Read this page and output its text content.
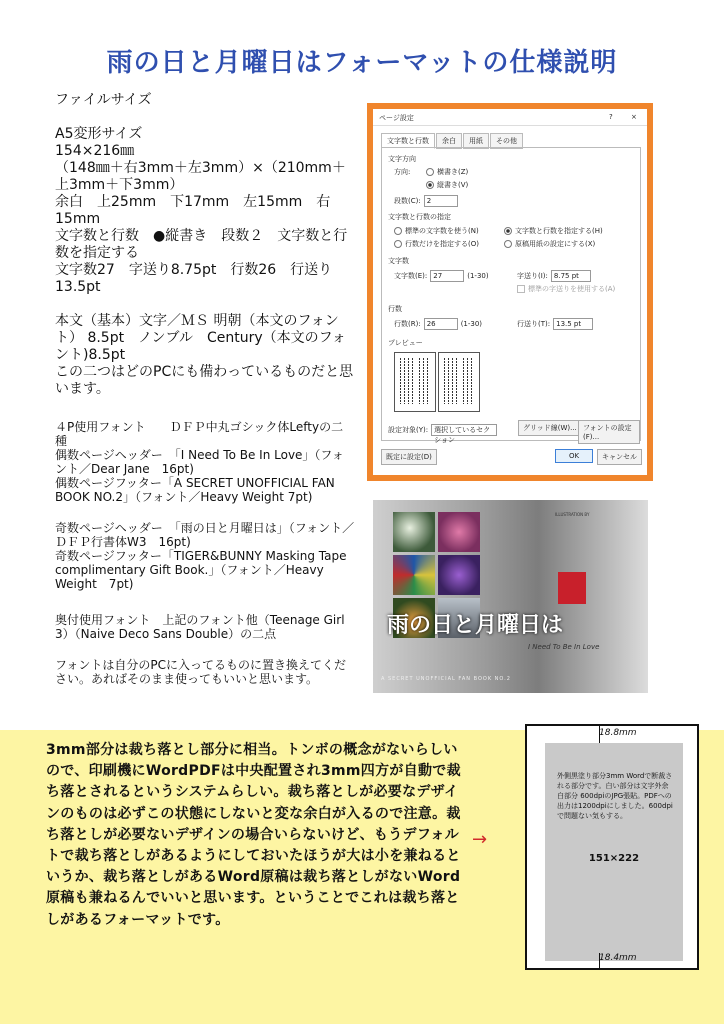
雨の日と月曜日はフォーマットの仕様説明

ファイルサイズ

A5変形サイズ

154×216㎜

（148㎜＋右3mm＋左3mm）×（210mm＋上3mm＋下3mm）

余白　上25mm　下17mm　左15mm　右15mm

文字数と行数　●縦書き　段数２　文字数と行数を指定する

文字数27　字送り8.75pt　行数26　行送り13.5pt

本文（基本）文字／ＭＳ 明朝（本文のフォント） 8.5pt　ノンブル　Century（本文のフォント)8.5pt

この二つはどのPCにも備わっているものだと思います。

４P使用フォント　　ＤＦＰ中丸ゴシック体Leftyの二種

偶数ページヘッダー　「I Need To Be In Love」（フォント／Dear Jane　16pt)

偶数ページフッター「A SECRET UNOFFICIAL FAN BOOK NO.2」（フォント／Heavy Weight 7pt)

奇数ページヘッダー　「雨の日と月曜日は」（フォント／ＤＦＰ行書体W3　16pt)

奇数ページフッター「TIGER&BUNNY Masking Tape complimentary Gift Book.」（フォント／Heavy Weight　7pt)

奥付使用フォント　上記のフォント他（Teenage Girl 3）（Naive Deco Sans Double）の二点

フォントは自分のPCに入ってるものに置き換えてください。あればそのまま使ってもいいと思います。

ページ設定	?	×
文字数と行数	余白	用紙	その他
文字方向
方向:	横書き(Z)
縦書き(V)
段数(C): 2
文字数と行数の指定
標準の文字数を使う(N)	文字数と行数を指定する(H)
行数だけを指定する(O)	原稿用紙の設定にする(X)
文字数
文字数(E): 27	(1-30)	字送り(I): 8.75 pt
標準の字送りを使用する(A)
行数
行数(R): 26	(1-30)	行送り(T): 13.5 pt
プレビュー
設定対象(Y): 選択しているセクション
グリッド線(W)... フォントの設定(F)...
既定に設定(D)	OK	キャンセル
ILLUSTRATION BY
雨の日と月曜日は
I Need To Be In Love
A SECRET UNOFFICIAL FAN BOOK NO.2
3mm部分は裁ち落とし部分に相当。トンボの概念がないらしいので、印刷機にWordPDFは中央配置され3mm四方が自動で裁ち落とされるというシステムらしい。裁ち落としが必要なデザインのものは必ずこの状態にしないと変な余白が入るので注意。裁ち落としが必要ないデザインの場合いらないけど、もうデフォルトで裁ち落としがあるようにしておいたほうが大は小を兼ねるというか、裁ち落としがあるWord原稿は裁ち落としがないWord原稿も兼ねるんでいいと思います。ということでこれは裁ち落としがあるフォーマットです。
→
18.8mm
18.4mm
外側黒塗り部分3mm Wordで断裁される部分です。白い部分は文字外余白部分 600dpiのJPG張貼。PDFへの出力は1200dpiにしました。600dpiで問題ない気もする。
151×222
